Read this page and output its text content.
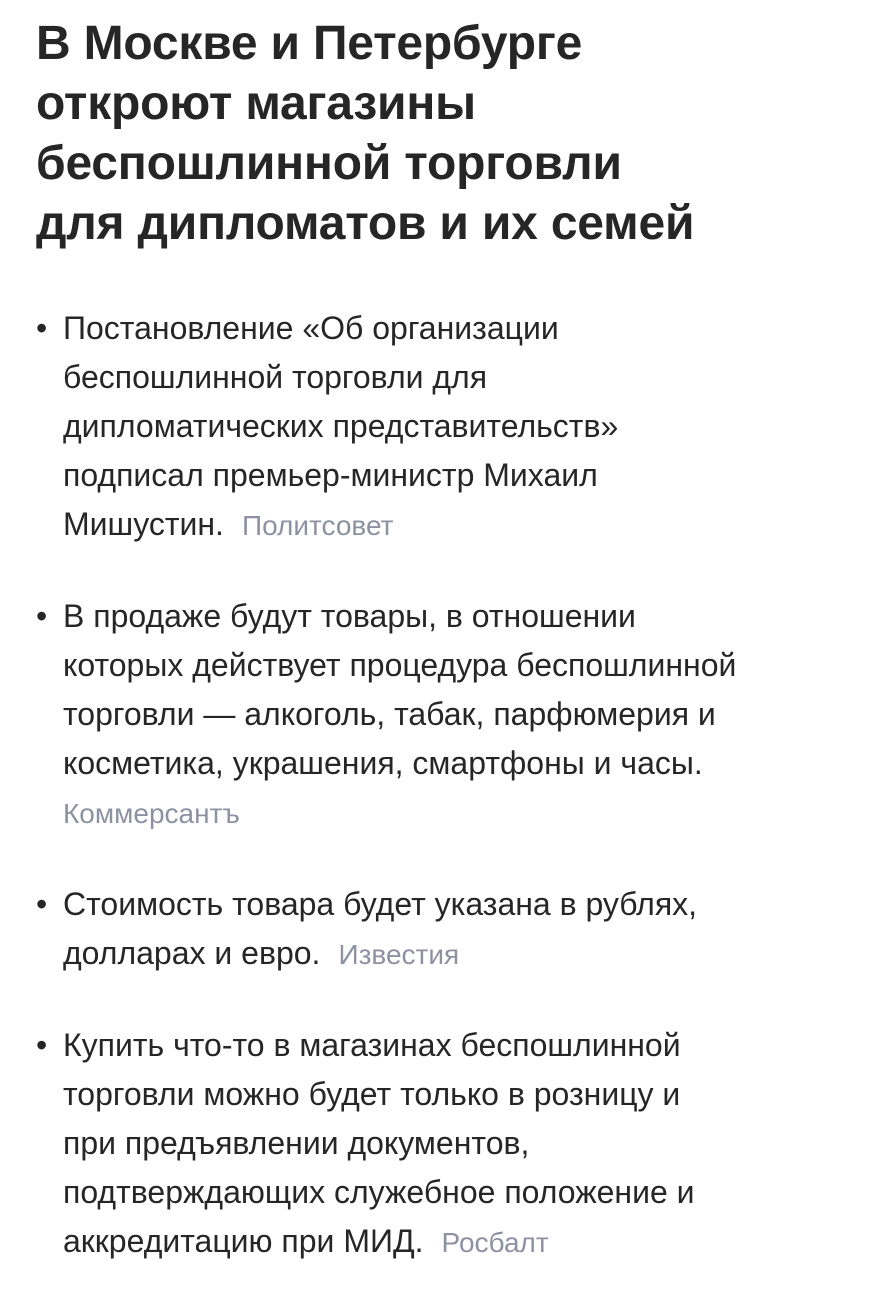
В Москве и Петербурге
откроют магазины
беспошлинной торговли
для дипломатов и их семей
• Постановление «Об организации
беспошлинной торговли для
дипломатических представительств»
подписал премьер-министр Михаил
Мишустин. Политсовет
• В продаже будут товары, в отношении
которых действует процедура беспошлинной
торговли — алкоголь, табак, парфюмерия и
косметика, украшения, смартфоны и часы.
Коммерсантъ
• Стоимость товара будет указана в рублях,
долларах и евро. Известия
• Купить что-то в магазинах беспошлинной
торговли можно будет только в розницу и
при предъявлении документов,
подтверждающих служебное положение и
аккредитацию при МИД. Росбалт
